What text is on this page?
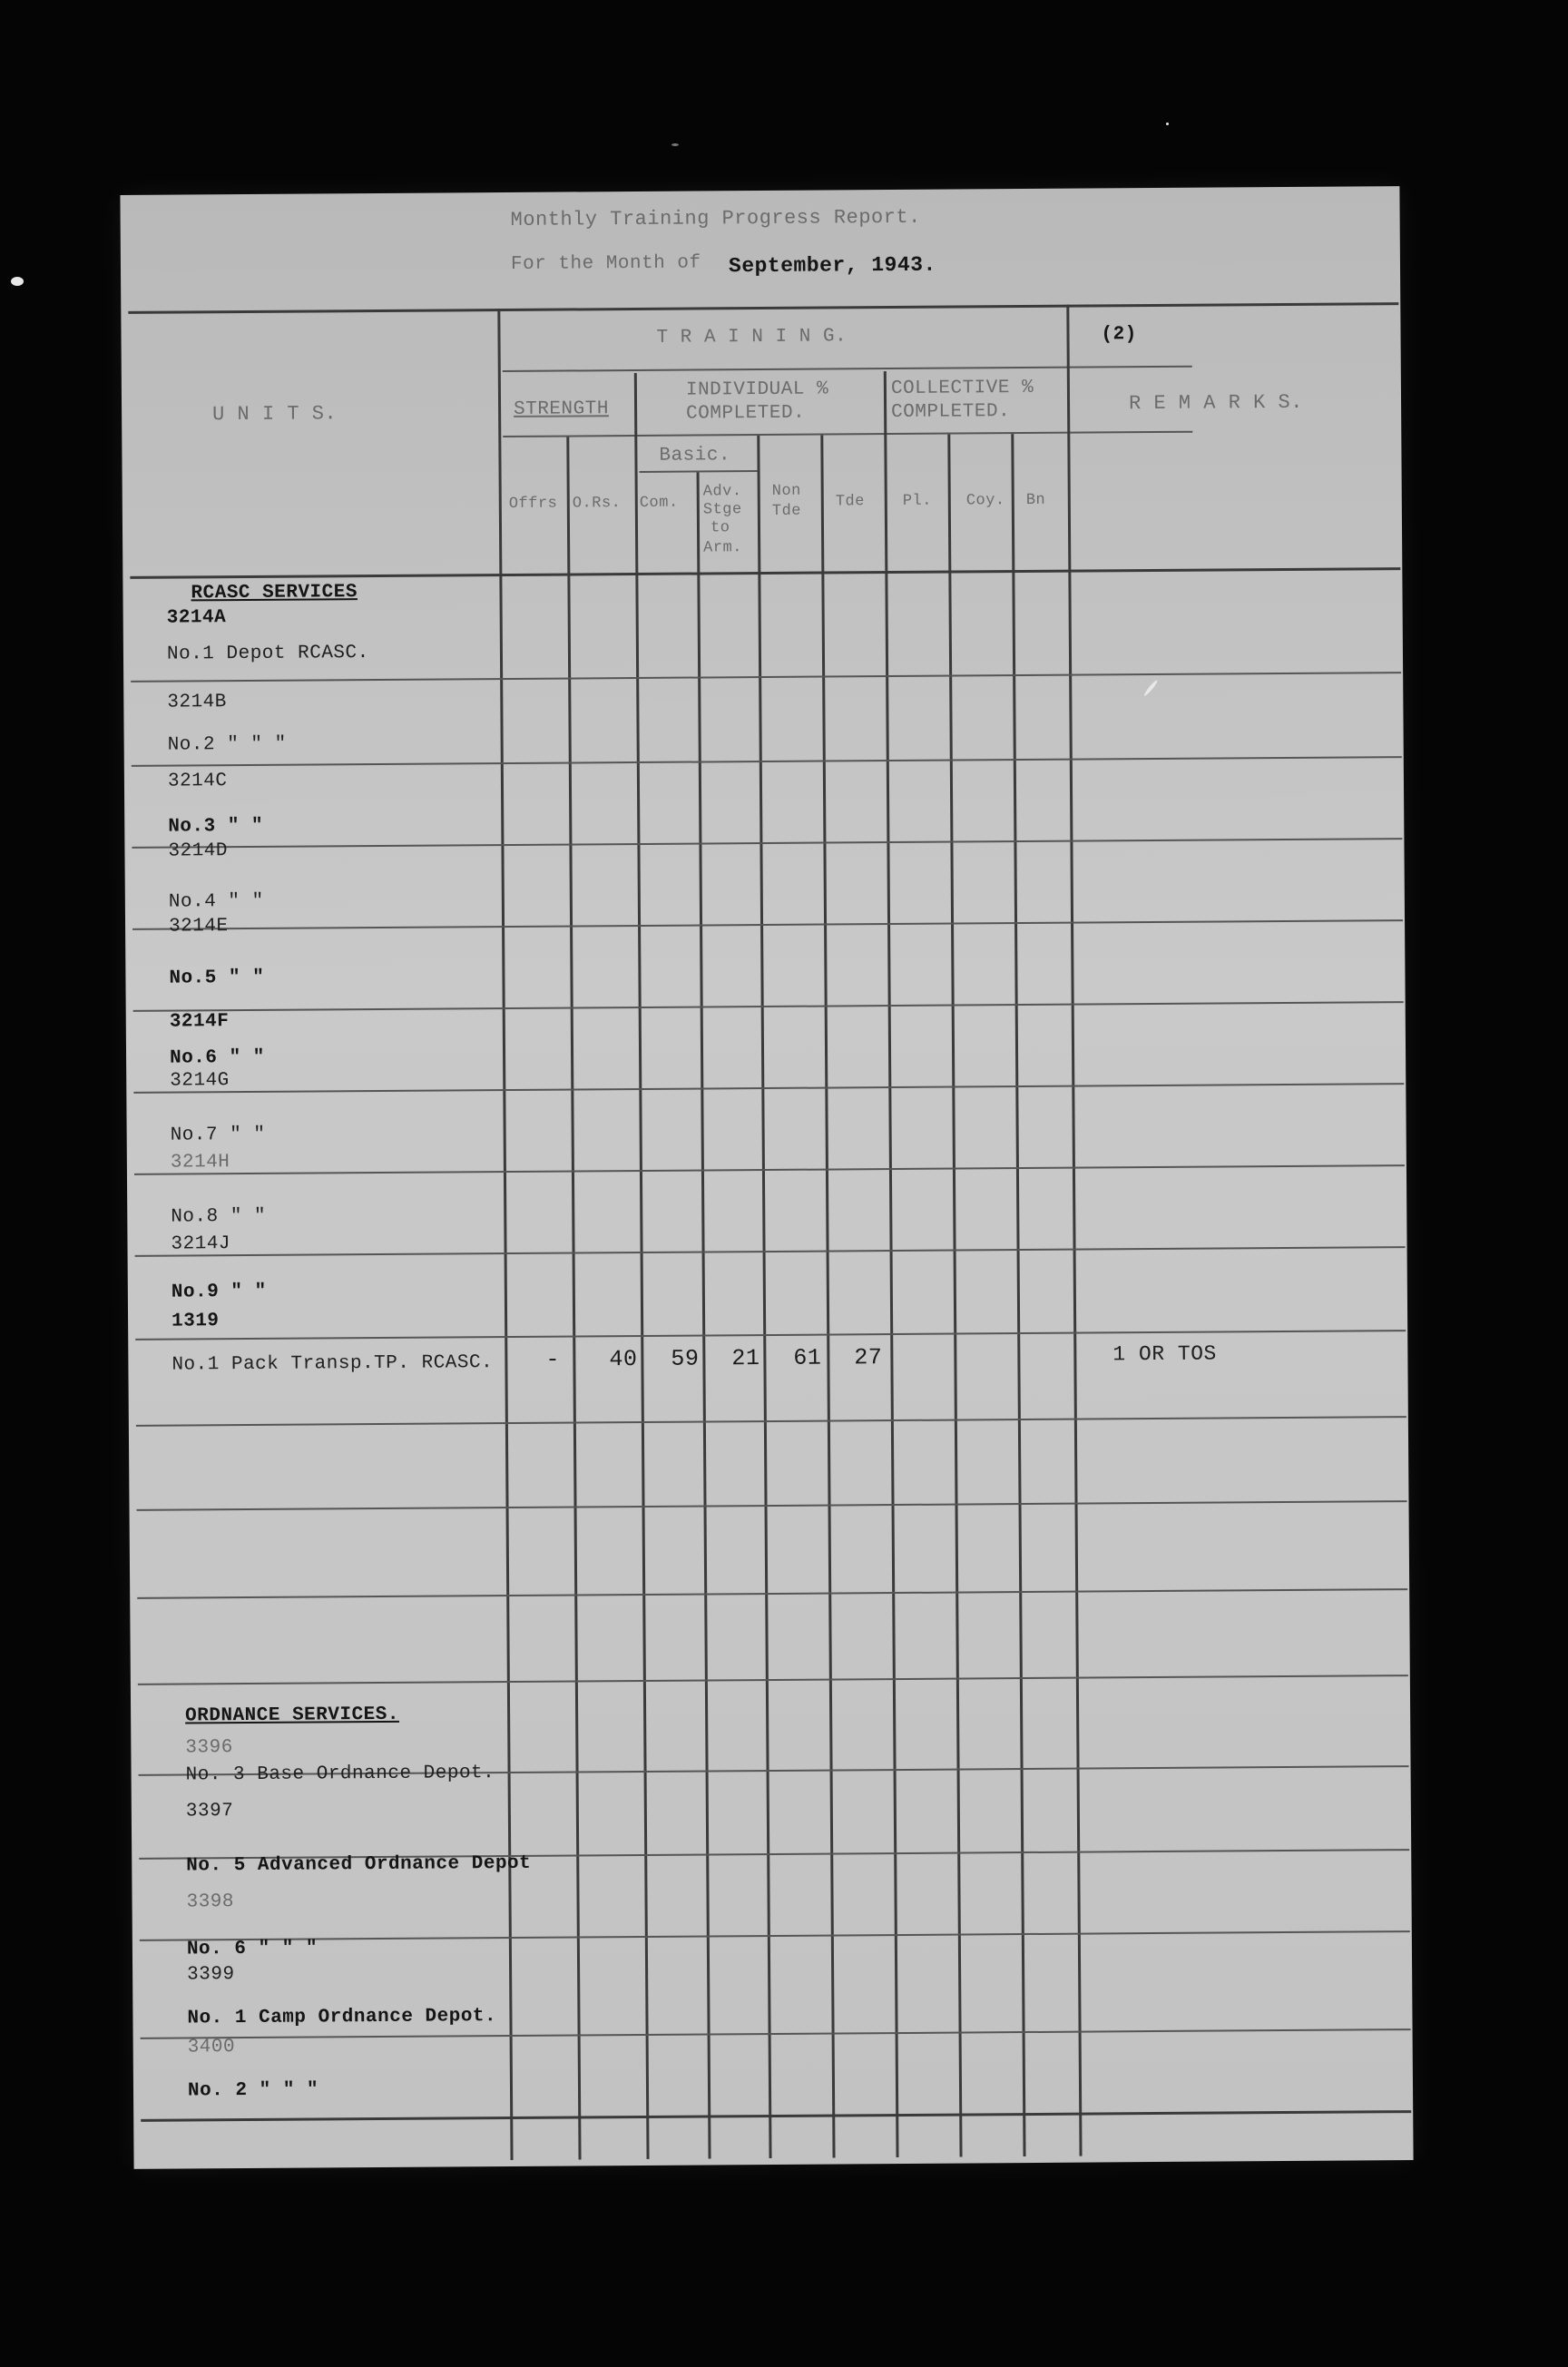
Monthly Training Progress Report.
For the Month of September, 1943.
(2)
U N I T S.
T R A I N I N G.
STRENGTH
INDIVIDUAL %
COMPLETED.
COLLECTIVE %
COMPLETED.	R E M A R K S.
Basic.
Offrs O.Rs. Com.
Adv.
Stge
to
Arm.
Non
Tde
Tde Pl. Coy. Bn
RCASC SERVICES
3214A
No.1 Depot RCASC.
3214B
No.2 " " "
3214C
No.3 " "
3214D
No.4 " "
3214E
No.5 " "
3214F
No.6 " "
3214G
No.7 " "
3214H
No.8 " "
3214J
No.9 " "
1319
No.1 Pack Transp.TP. RCASC. - 40 59 21 61 27	1 OR TOS
ORDNANCE SERVICES.
3396
No. 3 Base Ordnance Depot.
3397
No. 5 Advanced Ordnance Depot
3398
No. 6 " " "
3399
No. 1 Camp Ordnance Depot.
3400
No. 2 " " "
